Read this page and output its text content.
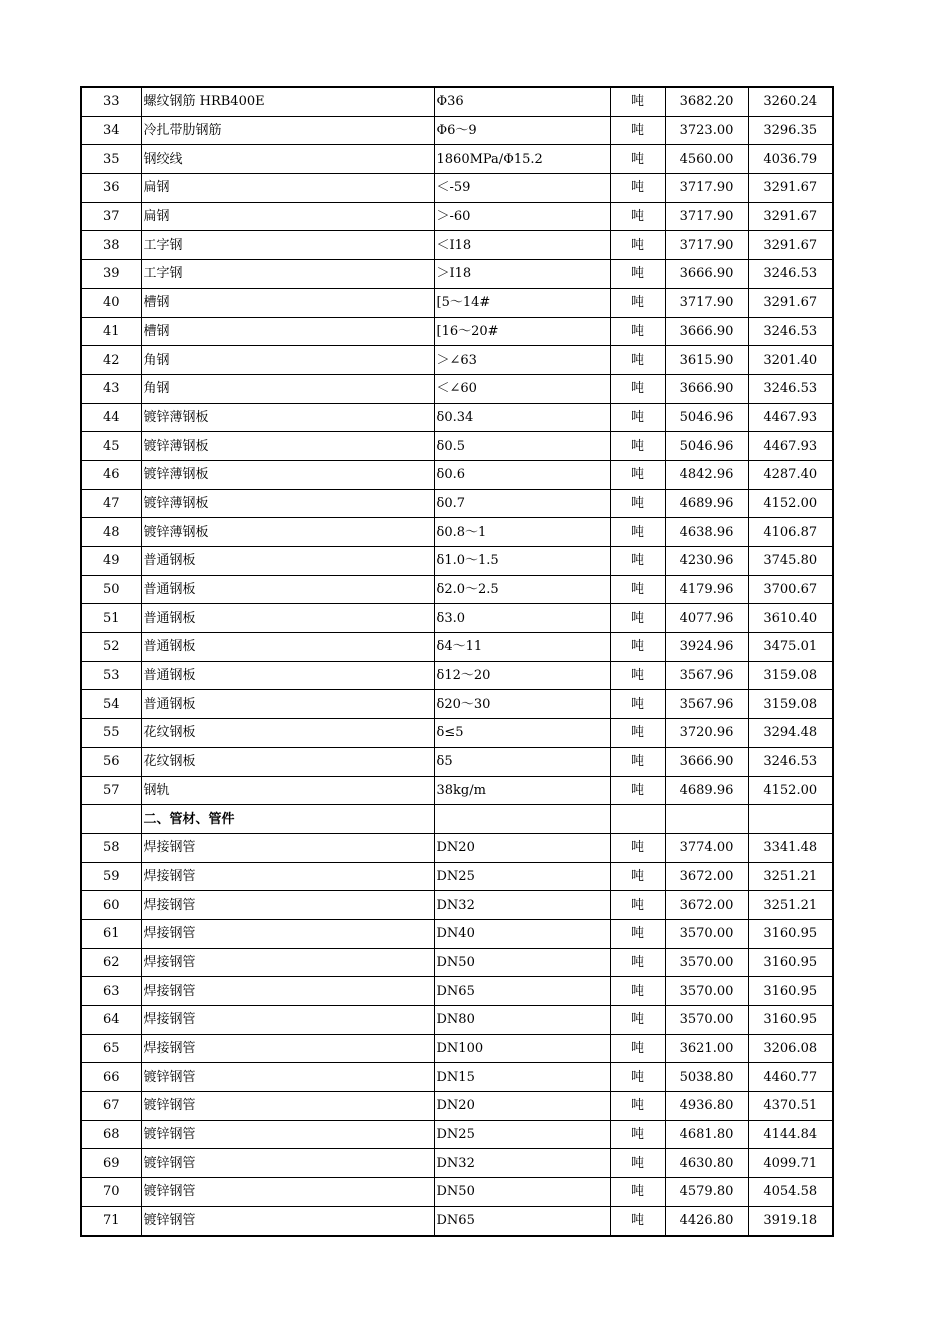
33	螺纹钢筋 HRB400E	Φ36	吨	3682.20	3260.24
34	冷扎带肋钢筋	Φ6～9	吨	3723.00	3296.35
35	钢绞线	1860MPa/Φ15.2	吨	4560.00	4036.79
36	扁钢	＜-59	吨	3717.90	3291.67
37	扁钢	＞-60	吨	3717.90	3291.67
38	工字钢	＜Ⅰ18	吨	3717.90	3291.67
39	工字钢	＞Ⅰ18	吨	3666.90	3246.53
40	槽钢	[5～14#	吨	3717.90	3291.67
41	槽钢	[16～20#	吨	3666.90	3246.53
42	角钢	＞∠63	吨	3615.90	3201.40
43	角钢	＜∠60	吨	3666.90	3246.53
44	镀锌薄钢板	δ0.34	吨	5046.96	4467.93
45	镀锌薄钢板	δ0.5	吨	5046.96	4467.93
46	镀锌薄钢板	δ0.6	吨	4842.96	4287.40
47	镀锌薄钢板	δ0.7	吨	4689.96	4152.00
48	镀锌薄钢板	δ0.8～1	吨	4638.96	4106.87
49	普通钢板	δ1.0～1.5	吨	4230.96	3745.80
50	普通钢板	δ2.0～2.5	吨	4179.96	3700.67
51	普通钢板	δ3.0	吨	4077.96	3610.40
52	普通钢板	δ4～11	吨	3924.96	3475.01
53	普通钢板	δ12～20	吨	3567.96	3159.08
54	普通钢板	δ20～30	吨	3567.96	3159.08
55	花纹钢板	δ≤5	吨	3720.96	3294.48
56	花纹钢板	δ5	吨	3666.90	3246.53
57	钢轨	38kg/m	吨	4689.96	4152.00
	二、管材、管件				
58	焊接钢管	DN20	吨	3774.00	3341.48
59	焊接钢管	DN25	吨	3672.00	3251.21
60	焊接钢管	DN32	吨	3672.00	3251.21
61	焊接钢管	DN40	吨	3570.00	3160.95
62	焊接钢管	DN50	吨	3570.00	3160.95
63	焊接钢管	DN65	吨	3570.00	3160.95
64	焊接钢管	DN80	吨	3570.00	3160.95
65	焊接钢管	DN100	吨	3621.00	3206.08
66	镀锌钢管	DN15	吨	5038.80	4460.77
67	镀锌钢管	DN20	吨	4936.80	4370.51
68	镀锌钢管	DN25	吨	4681.80	4144.84
69	镀锌钢管	DN32	吨	4630.80	4099.71
70	镀锌钢管	DN50	吨	4579.80	4054.58
71	镀锌钢管	DN65	吨	4426.80	3919.18
